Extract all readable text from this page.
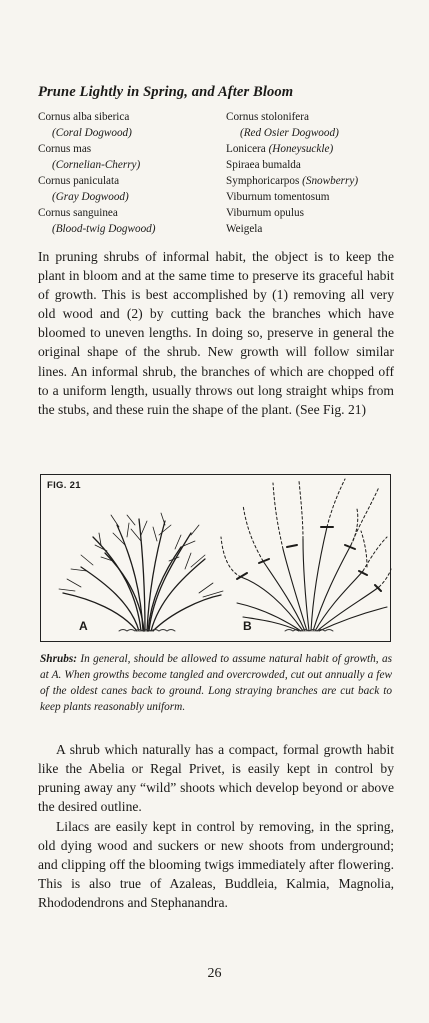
Prune Lightly in Spring, and After Bloom
Cornus alba siberica
(Coral Dogwood)
Cornus mas
(Cornelian-Cherry)
Cornus paniculata
(Gray Dogwood)
Cornus sanguinea
(Blood-twig Dogwood)
Cornus stolonifera
(Red Osier Dogwood)
Lonicera (Honeysuckle)
Spiraea bumalda
Symphoricarpos (Snowberry)
Viburnum tomentosum
Viburnum opulus
Weigela

In pruning shrubs of informal habit, the object is to keep the plant in bloom and at the same time to preserve its graceful habit of growth. This is best accomplished by (1) removing all very old wood and (2) by cutting back the branches which have bloomed to uneven lengths. In doing so, preserve in general the original shape of the shrub. New growth will follow similar lines. An informal shrub, the branches of which are chopped off to a uniform length, usually throws out long straight whips from the stubs, and these ruin the shape of the plant. (See Fig. 21)

FIG. 21
A	B

Shrubs: In general, should be allowed to assume natural habit of growth, as at A. When growths become tangled and overcrowded, cut out annually a few of the oldest canes back to ground. Long straying branches are cut back to keep plants reasonably uniform.

A shrub which naturally has a compact, formal growth habit like the Abelia or Regal Privet, is easily kept in control by pruning away any “wild” shoots which develop beyond or above the desired outline.

Lilacs are easily kept in control by removing, in the spring, old dying wood and suckers or new shoots from underground; and clipping off the blooming twigs immediately after flowering. This is also true of Azaleas, Buddleia, Kalmia, Magnolia, Rhododendrons and Stephanandra.

26
